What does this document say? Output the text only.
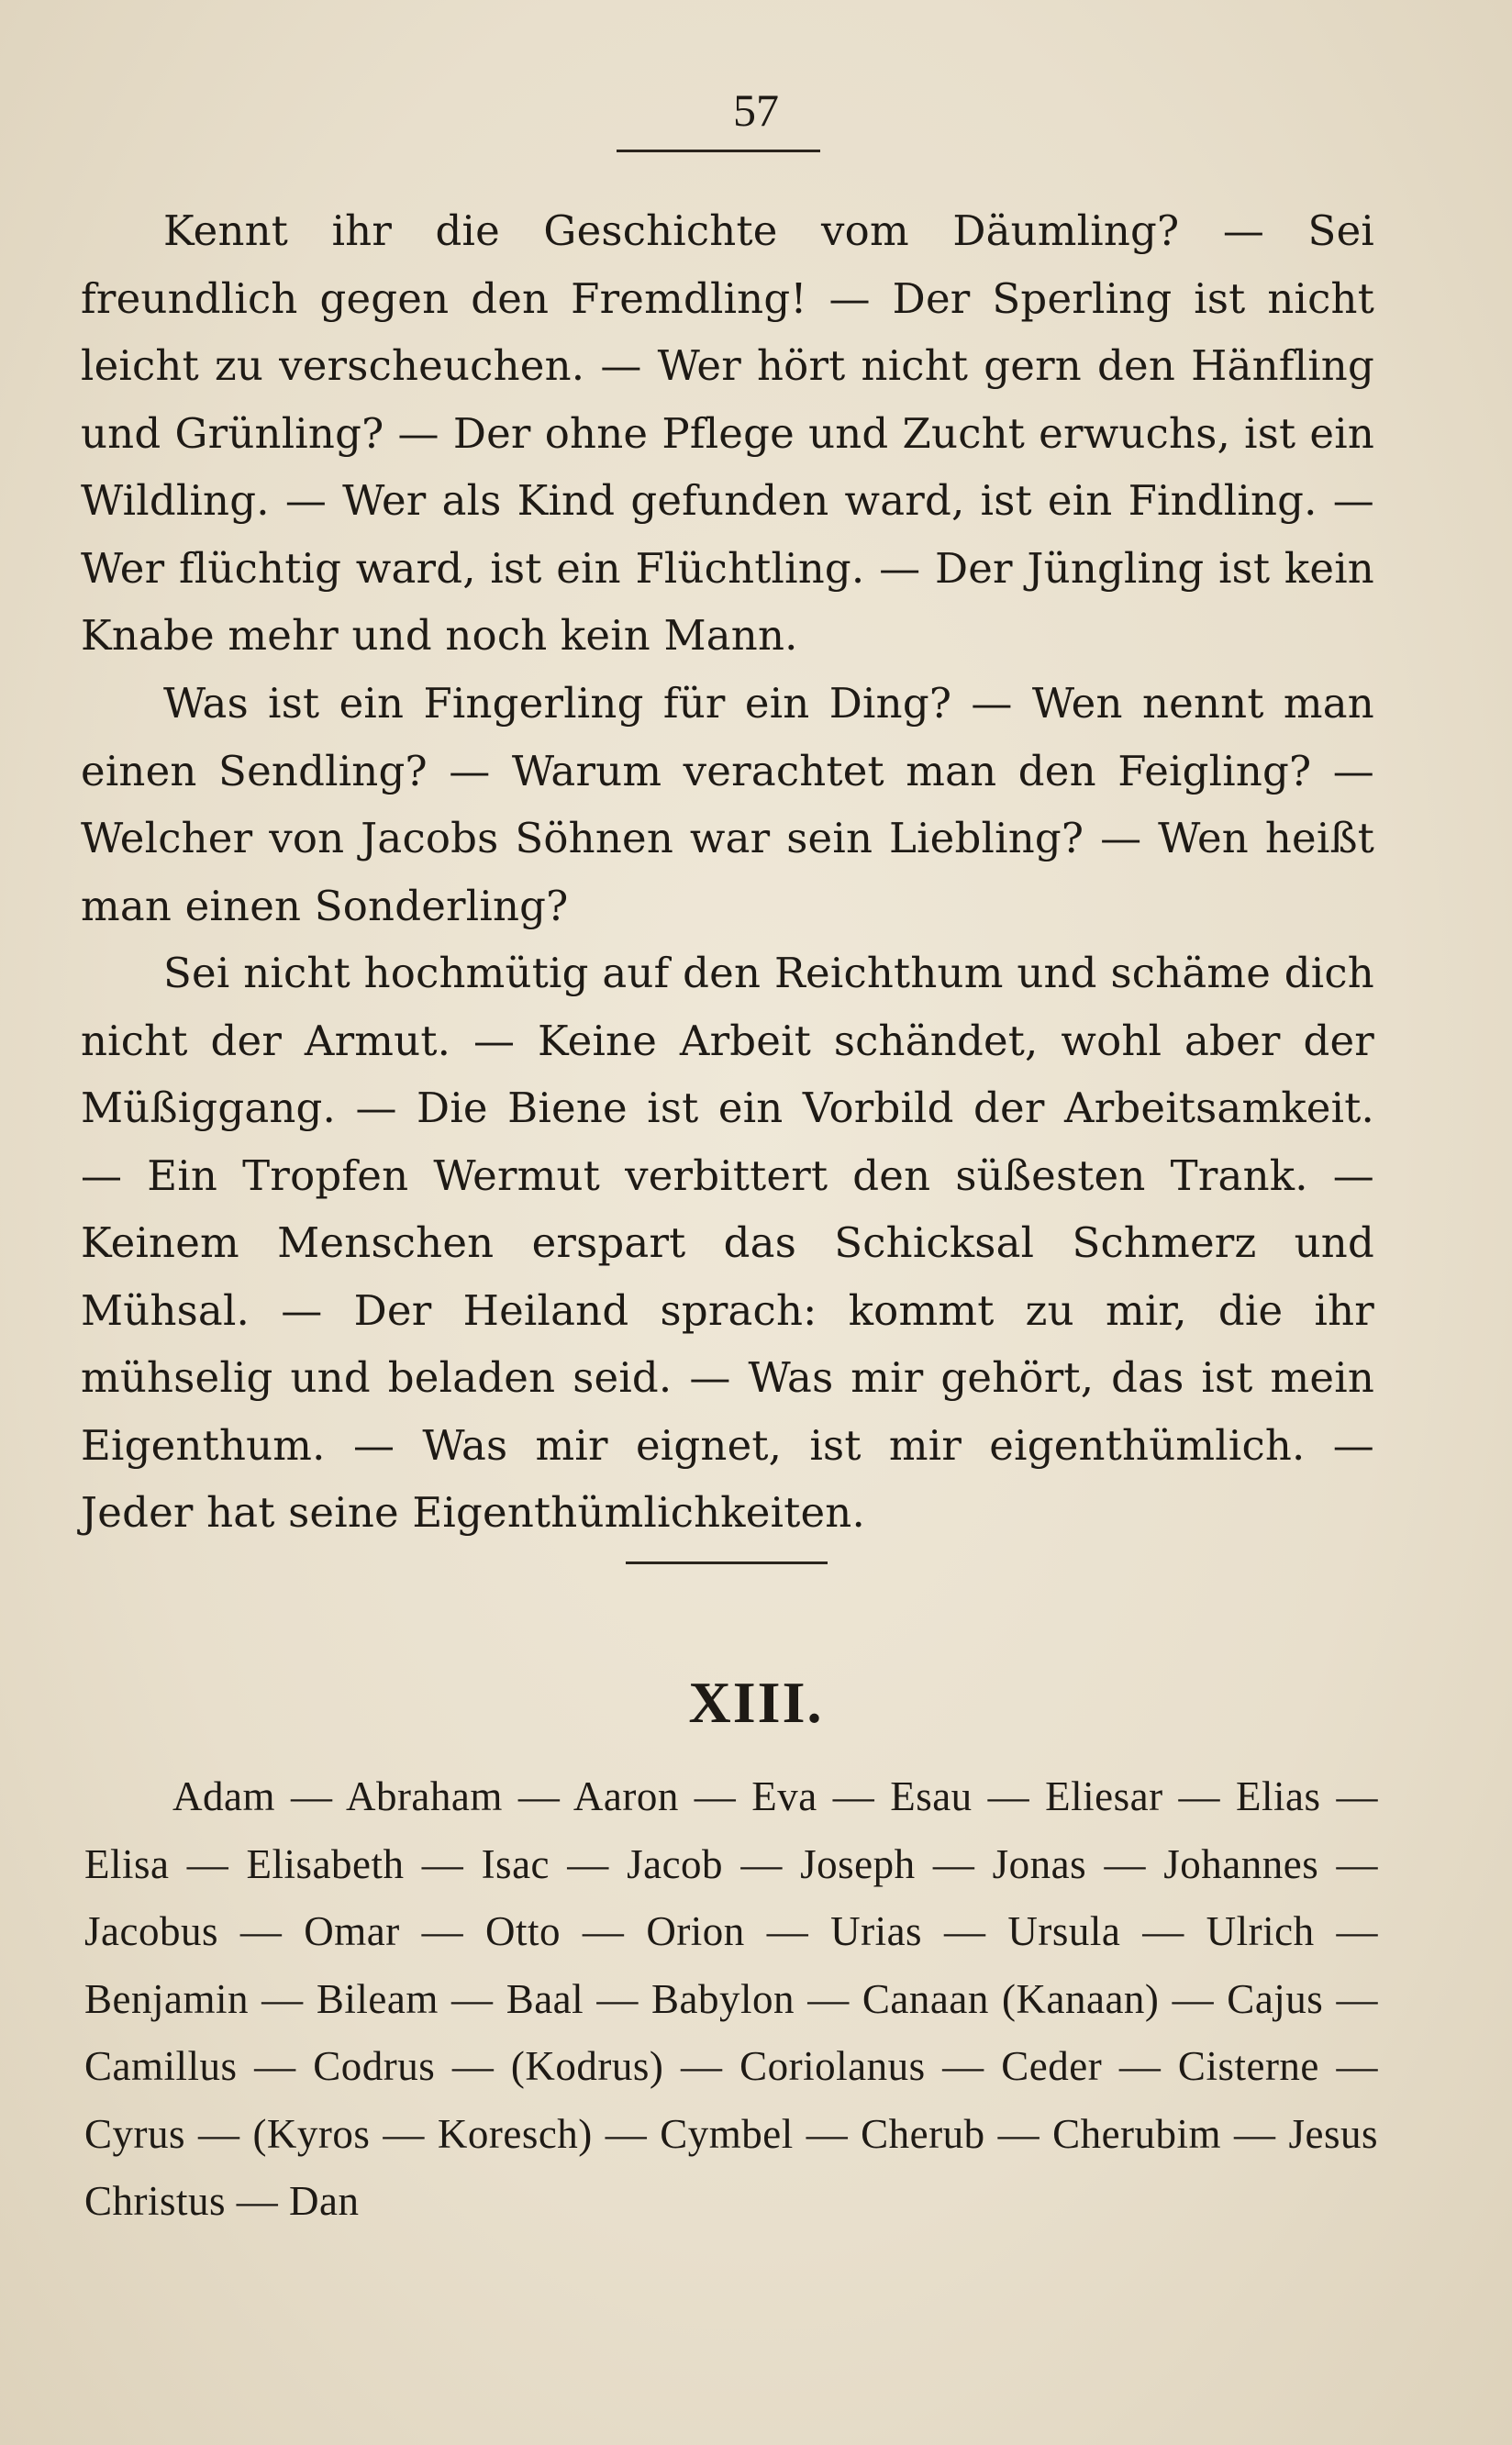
57

Kennt ihr die Geschichte vom Däumling? — Sei freundlich gegen den Fremdling! — Der Sperling ist nicht leicht zu verscheuchen. — Wer hört nicht gern den Hänfling und Grünling? — Der ohne Pflege und Zucht erwuchs, ist ein Wildling. — Wer als Kind gefunden ward, ist ein Findling. — Wer flüchtig ward, ist ein Flüchtling. — Der Jüngling ist kein Knabe mehr und noch kein Mann.

Was ist ein Fingerling für ein Ding? — Wen nennt man einen Sendling? — Warum verachtet man den Feigling? — Welcher von Jacobs Söhnen war sein Liebling? — Wen heißt man einen Sonderling?

Sei nicht hochmütig auf den Reichthum und schäme dich nicht der Armut. — Keine Arbeit schändet, wohl aber der Müßiggang. — Die Biene ist ein Vorbild der Arbeitsamkeit. — Ein Tropfen Wermut verbittert den süßesten Trank. — Keinem Menschen erspart das Schicksal Schmerz und Mühsal. — Der Heiland sprach: kommt zu mir, die ihr mühselig und beladen seid. — Was mir gehört, das ist mein Eigenthum. — Was mir eignet, ist mir eigenthümlich. — Jeder hat seine Eigenthümlichkeiten.

XIII.

Adam — Abraham — Aaron — Eva — Esau — Eliesar — Elias — Elisa — Elisabeth — Isac — Jacob — Joseph — Jonas — Johannes — Jacobus — Omar — Otto — Orion — Urias — Ursula — Ulrich — Benjamin — Bileam — Baal — Babylon — Canaan (Kanaan) — Cajus — Camillus — Codrus — (Kodrus) — Coriolanus — Ceder — Cisterne — Cyrus — (Kyros — Koresch) — Cymbel — Cherub — Cherubim — Jesus Christus — Dan
